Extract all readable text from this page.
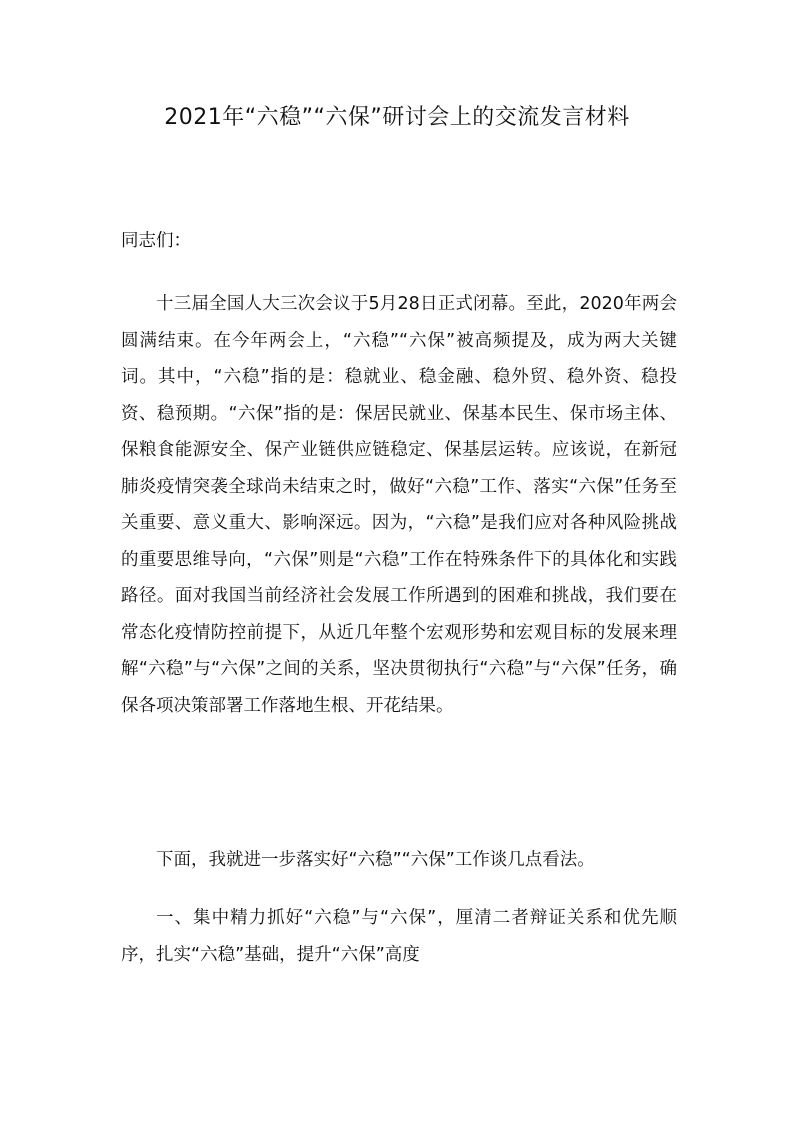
2021年“六稳”“六保”研讨会上的交流发言材料
同志们：
十三届全国人大三次会议于5月28日正式闭幕。至此，2020年两会圆满结束。在今年两会上，“六稳”“六保”被高频提及，成为两大关键词。其中，“六稳”指的是：稳就业、稳金融、稳外贸、稳外资、稳投资、稳预期。“六保”指的是：保居民就业、保基本民生、保市场主体、保粮食能源安全、保产业链供应链稳定、保基层运转。应该说，在新冠肺炎疫情突袭全球尚未结束之时，做好“六稳”工作、落实“六保”任务至关重要、意义重大、影响深远。因为，“六稳”是我们应对各种风险挑战的重要思维导向，“六保”则是“六稳”工作在特殊条件下的具体化和实践路径。面对我国当前经济社会发展工作所遇到的困难和挑战，我们要在常态化疫情防控前提下，从近几年整个宏观形势和宏观目标的发展来理解“六稳”与“六保”之间的关系，坚决贯彻执行“六稳”与“六保”任务，确保各项决策部署工作落地生根、开花结果。
下面，我就进一步落实好“六稳”“六保”工作谈几点看法。
一、集中精力抓好“六稳”与“六保”，厘清二者辩证关系和优先顺序，扎实“六稳”基础，提升“六保”高度
